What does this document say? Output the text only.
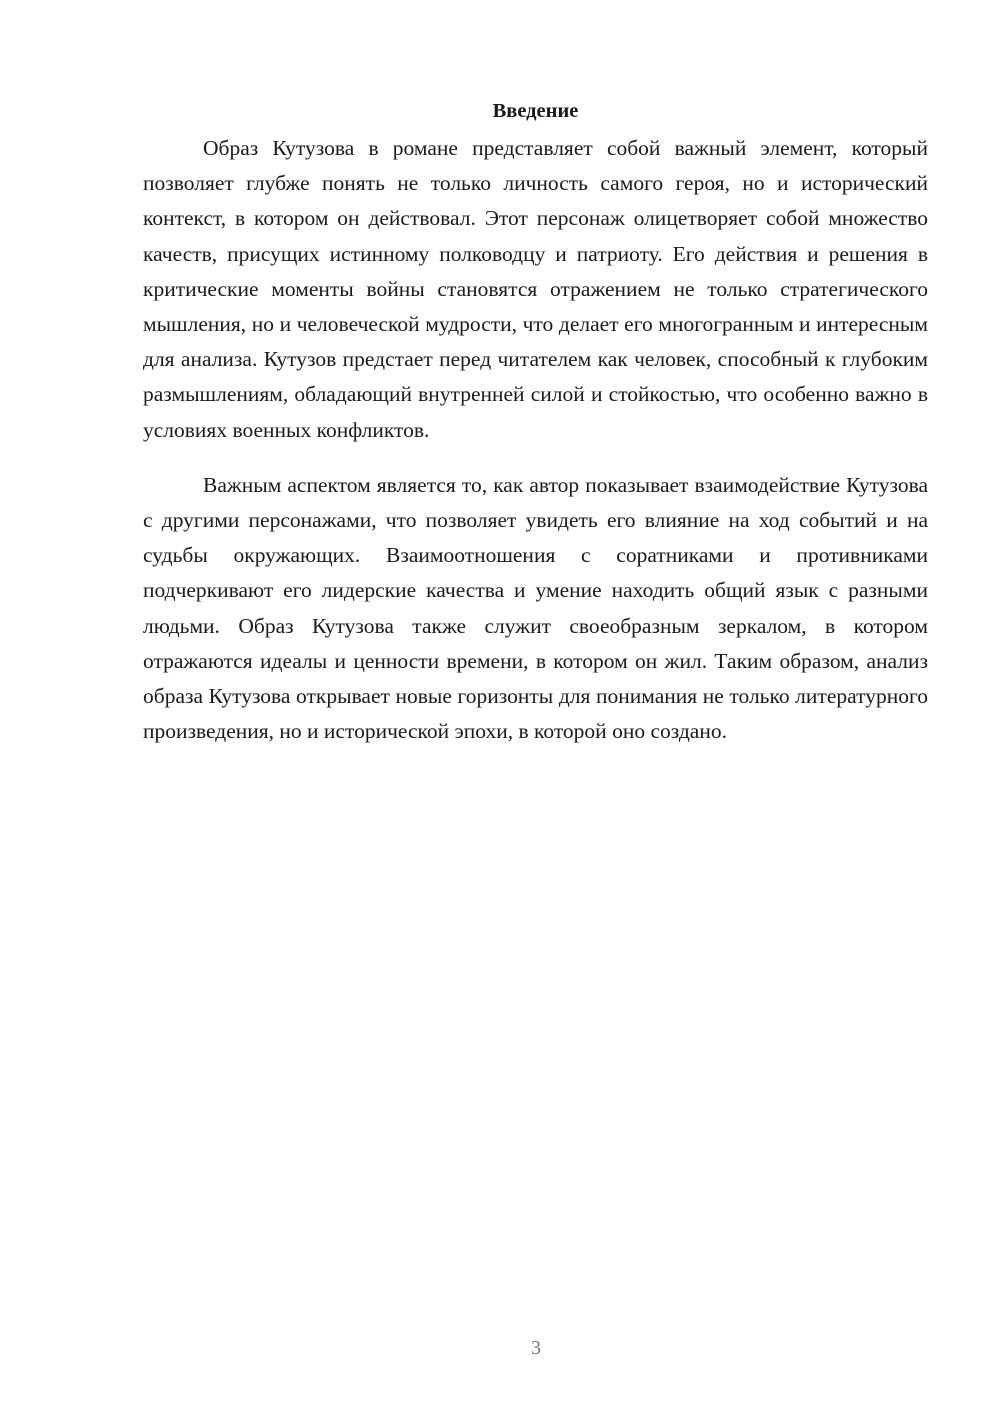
Введение

Образ Кутузова в романе представляет собой важный элемент, который позволяет глубже понять не только личность самого героя, но и исторический контекст, в котором он действовал. Этот персонаж олицетворяет собой множество качеств, присущих истинному полководцу и патриоту. Его действия и решения в критические моменты войны становятся отражением не только стратегического мышления, но и человеческой мудрости, что делает его многогранным и интересным для анализа. Кутузов предстает перед читателем как человек, способный к глубоким размышлениям, обладающий внутренней силой и стойкостью, что особенно важно в условиях военных конфликтов.

Важным аспектом является то, как автор показывает взаимодействие Кутузова с другими персонажами, что позволяет увидеть его влияние на ход событий и на судьбы окружающих. Взаимоотношения с соратниками и противниками подчеркивают его лидерские качества и умение находить общий язык с разными людьми. Образ Кутузова также служит своеобразным зеркалом, в котором отражаются идеалы и ценности времени, в котором он жил. Таким образом, анализ образа Кутузова открывает новые горизонты для понимания не только литературного произведения, но и исторической эпохи, в которой оно создано.

3
